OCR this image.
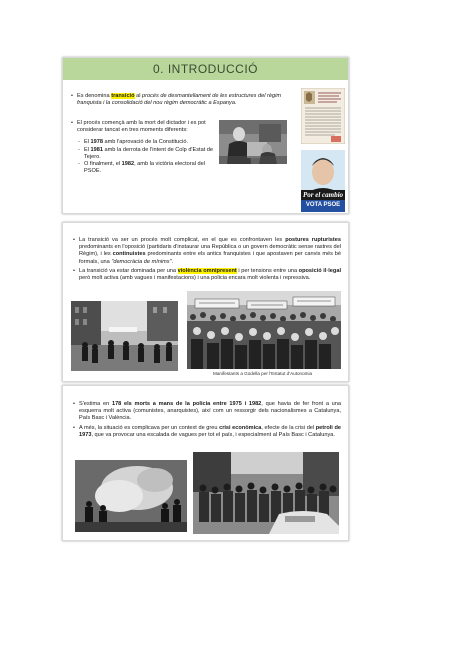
0. INTRODUCCIÓ

• Es denomina transició al procés de desmantellament de les estructures del règim franquista i la consolidació del nou règim democràtic a Espanya.

• El procés començà amb la mort del dictador i es pot considerar tancat en tres moments diferents:

- El 1978 amb l'aprovació de la Constitució.

- El 1981 amb la derrota de l'intent de Colp d'Estat de Tejero.

- O finalment, el 1982, amb la victòria electoral del PSOE.

Por el cambio
VOTA PSOE

• La transició va ser un procés molt complicat, en el que es confrontaven les postures rupturistes predominants en l'oposició (partidaris d'instaurar una República o un govern democràtic sense rastres del Règim), i les continuistes predominants entre els antics franquistes i que apostaven per canvis més bé formals, una "democràcia de mínims".

• La transició va estar dominada per una violència omnipresent i per tensions entre una oposició il·legal però molt activa (amb vagues i manifestacions) i una policia encara molt violenta i repressiva.

Manifestants a Godella per l'Estatut d'Autonomia

• S'estima en 178 els morts a mans de la policia entre 1975 i 1982, que havia de fer front a una esquerra molt activa (comunistes, anarquistes), així com un ressorgir dels nacionalismes a Catalunya, País Basc i València.

• A més, la situació es complicava per un context de greu crisi econòmica, efecte de la crisi del petroli de 1973, que va provocar una escalada de vagues per tot el país, i especialment al País Basc i Catalunya.
